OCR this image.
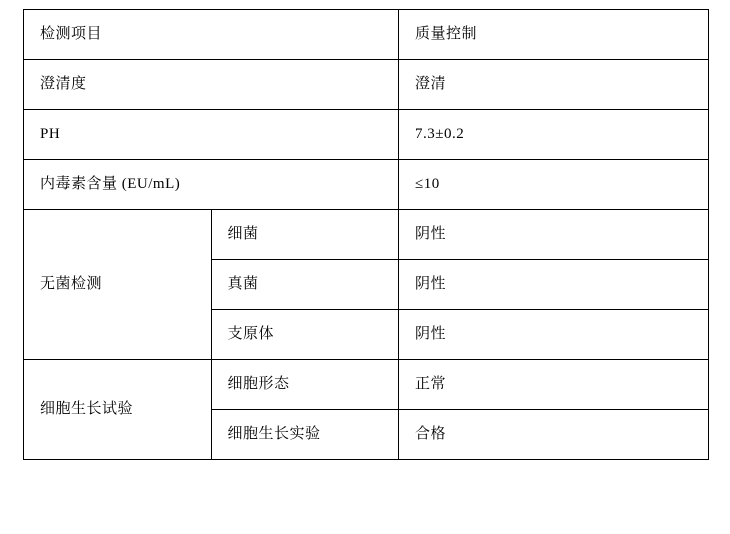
检测项目		质量控制
澄清度		澄清
PH		7.3±0.2
内毒素含量 (EU/mL)		≤10
无菌检测	细菌	阴性
	真菌	阴性
	支原体	阴性
细胞生长试验	细胞形态	正常
	细胞生长实验	合格
